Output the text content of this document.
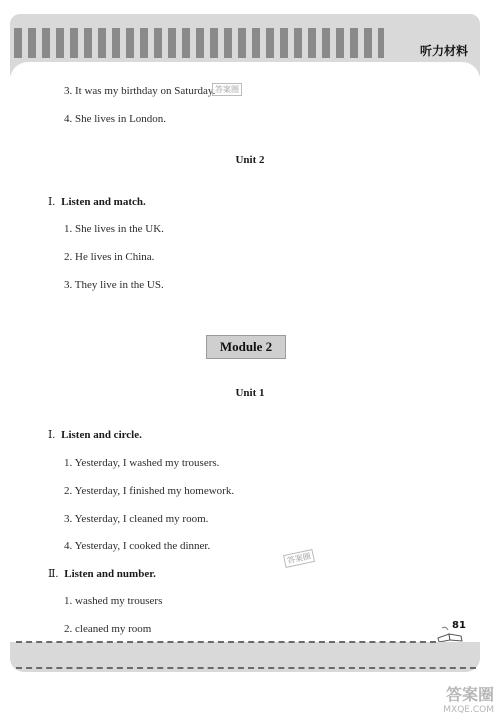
听力材料
3. It was my birthday on Saturday.
4. She lives in London.
答案圈
Unit 2
Ⅰ. Listen and match.
1. She lives in the UK.
2. He lives in China.
3. They live in the US.
Module 2
Unit 1
Ⅰ. Listen and circle.
1. Yesterday, I washed my trousers.
2. Yesterday, I finished my homework.
3. Yesterday, I cleaned my room.
4. Yesterday, I cooked the dinner.
答案圈
Ⅱ. Listen and number.
1. washed my trousers
2. cleaned my room	81
答案圈
MXQE.COM
